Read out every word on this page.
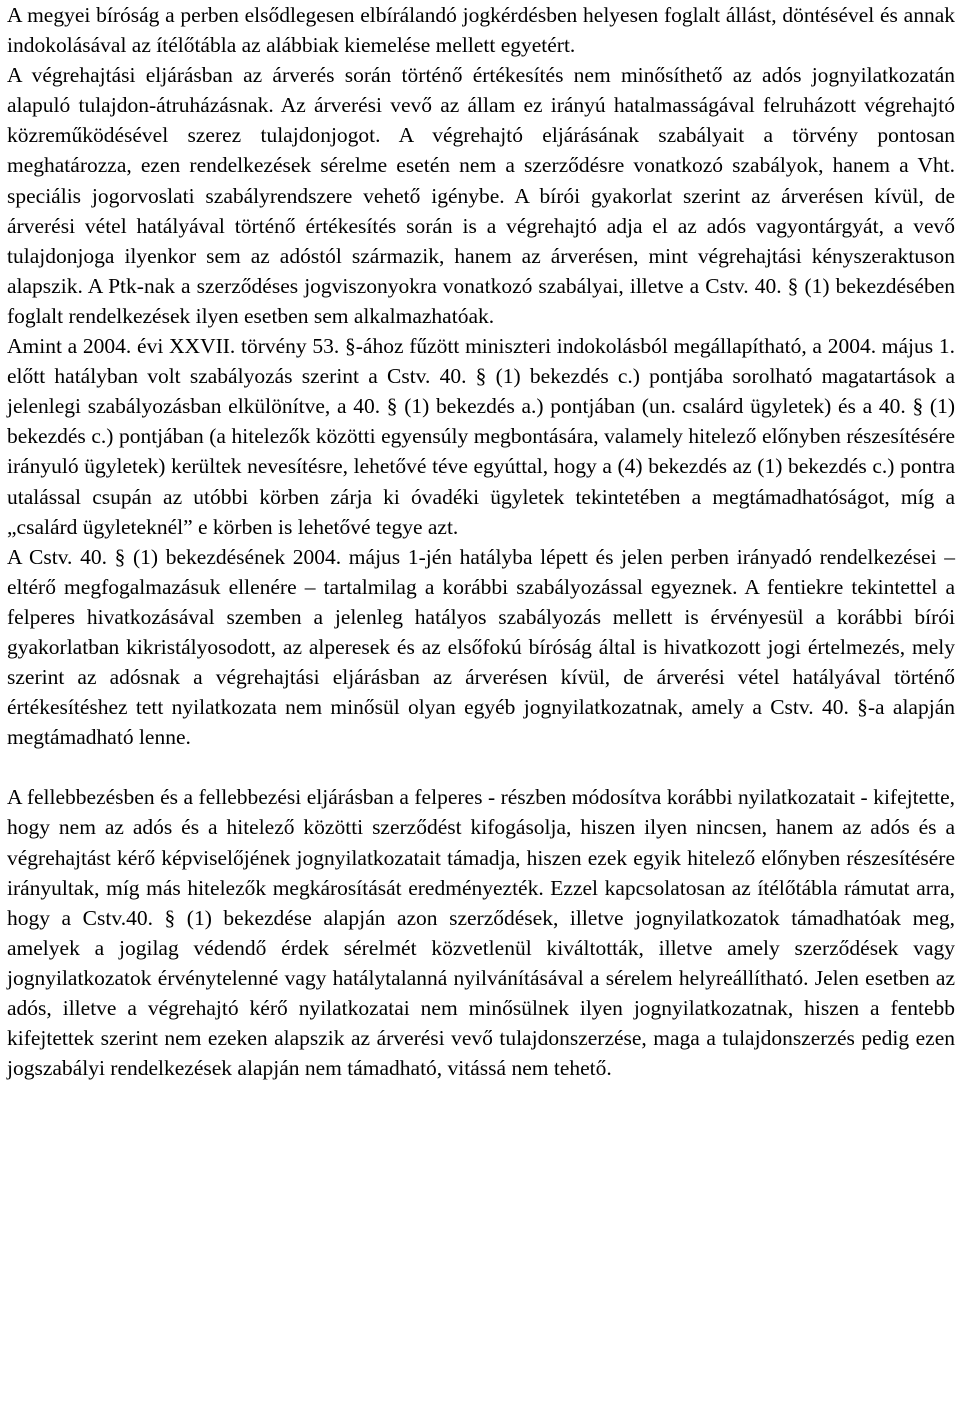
A megyei bíróság a perben elsődlegesen elbírálandó jogkérdésben helyesen foglalt állást, döntésével és annak indokolásával az ítélőtábla az alábbiak kiemelése mellett egyetért.

A végrehajtási eljárásban az árverés során történő értékesítés nem minősíthető az adós jognyilatkozatán alapuló tulajdon-átruházásnak. Az árverési vevő az állam ez irányú hatalmasságával felruházott végrehajtó közreműködésével szerez tulajdonjogot. A végrehajtó eljárásának szabályait a törvény pontosan meghatározza, ezen rendelkezések sérelme esetén nem a szerződésre vonatkozó szabályok, hanem a Vht. speciális jogorvoslati szabályrendszere vehető igénybe. A bírói gyakorlat szerint az árverésen kívül, de árverési vétel hatályával történő értékesítés során is a végrehajtó adja el az adós vagyontárgyát, a vevő tulajdonjoga ilyenkor sem az adóstól származik, hanem az árverésen, mint végrehajtási kényszeraktuson alapszik. A Ptk-nak a szerződéses jogviszonyokra vonatkozó szabályai, illetve a Cstv. 40. § (1) bekezdésében foglalt rendelkezések ilyen esetben sem alkalmazhatóak.

Amint a 2004. évi XXVII. törvény 53. §-ához fűzött miniszteri indokolásból megállapítható, a 2004. május 1. előtt hatályban volt szabályozás szerint a Cstv. 40. § (1) bekezdés c.) pontjába sorolható magatartások a jelenlegi szabályozásban elkülönítve, a 40. § (1) bekezdés a.) pontjában (un. csalárd ügyletek) és a 40. § (1) bekezdés c.) pontjában (a hitelezők közötti egyensúly megbontására, valamely hitelező előnyben részesítésére irányuló ügyletek) kerültek nevesítésre, lehetővé téve egyúttal, hogy a (4) bekezdés az (1) bekezdés c.) pontra utalással csupán az utóbbi körben zárja ki óvadéki ügyletek tekintetében a megtámadhatóságot, míg a „csalárd ügyleteknél” e körben is lehetővé tegye azt.

A Cstv. 40. § (1) bekezdésének 2004. május 1-jén hatályba lépett és jelen perben irányadó rendelkezései – eltérő megfogalmazásuk ellenére – tartalmilag a korábbi szabályozással egyeznek. A fentiekre tekintettel a felperes hivatkozásával szemben a jelenleg hatályos szabályozás mellett is érvényesül a korábbi bírói gyakorlatban kikristályosodott, az alperesek és az elsőfokú bíróság által is hivatkozott jogi értelmezés, mely szerint az adósnak a végrehajtási eljárásban az árverésen kívül, de árverési vétel hatályával történő értékesítéshez tett nyilatkozata nem minősül olyan egyéb jognyilatkozatnak, amely a Cstv. 40. §-a alapján megtámadható lenne.

A fellebbezésben és a fellebbezési eljárásban a felperes - részben módosítva korábbi nyilatkozatait - kifejtette, hogy nem az adós és a hitelező közötti szerződést kifogásolja, hiszen ilyen nincsen, hanem az adós és a végrehajtást kérő képviselőjének jognyilatkozatait támadja, hiszen ezek egyik hitelező előnyben részesítésére irányultak, míg más hitelezők megkárosítását eredményezték. Ezzel kapcsolatosan az ítélőtábla rámutat arra, hogy a Cstv.40. § (1) bekezdése alapján azon szerződések, illetve jognyilatkozatok támadhatóak meg, amelyek a jogilag védendő érdek sérelmét közvetlenül kiváltották, illetve amely szerződések vagy jognyilatkozatok érvénytelenné vagy hatálytalanná nyilvánításával a sérelem helyreállítható. Jelen esetben az adós, illetve a végrehajtó kérő nyilatkozatai nem minősülnek ilyen jognyilatkozatnak, hiszen a fentebb kifejtettek szerint nem ezeken alapszik az árverési vevő tulajdonszerzése, maga a tulajdonszerzés pedig ezen jogszabályi rendelkezések alapján nem támadható, vitássá nem tehető.
